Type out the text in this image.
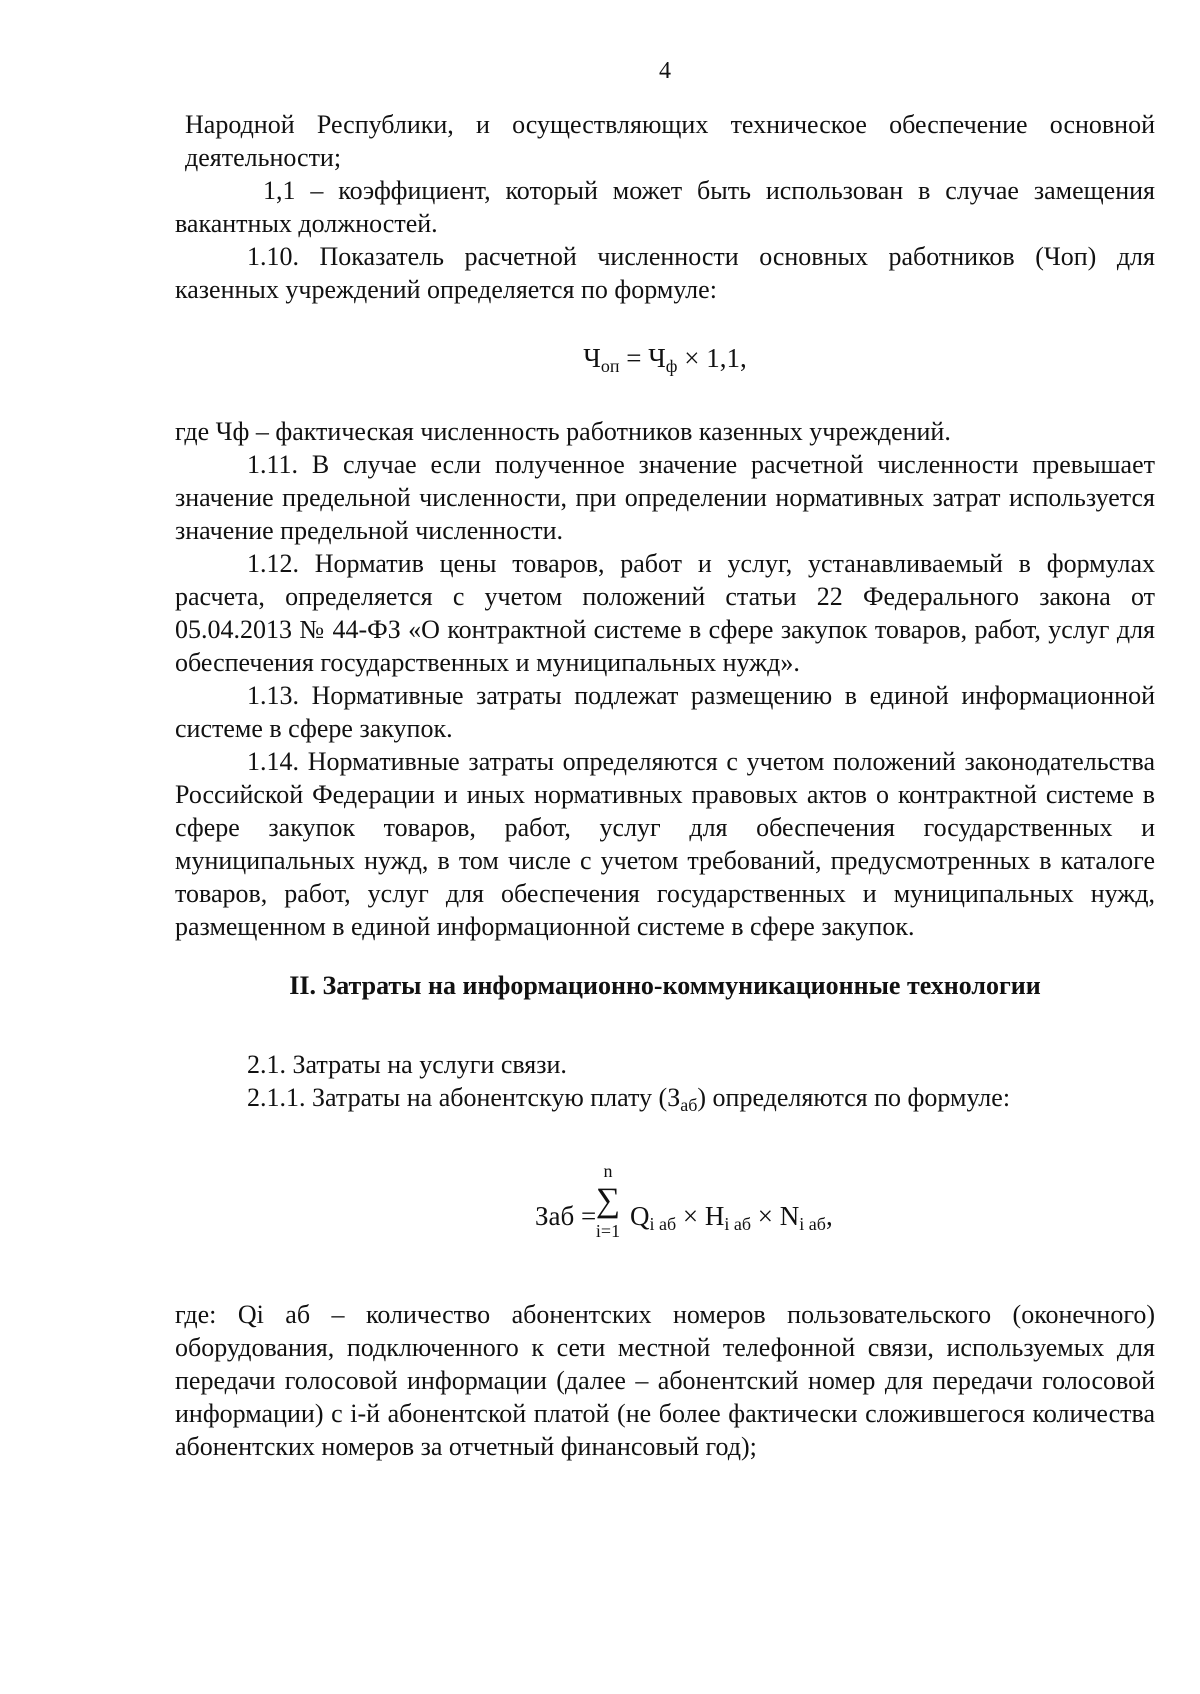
4

Народной Республики, и осуществляющих техническое обеспечение основной деятельности;

1,1 – коэффициент, который может быть использован в случае замещения вакантных должностей.

1.10. Показатель расчетной численности основных работников (Чоп) для казенных учреждений определяется по формуле:

$Ч_{оп} = Ч_ф \times 1,1$,

где Чф – фактическая численность работников казенных учреждений.

1.11. В случае если полученное значение расчетной численности превышает значение предельной численности, при определении нормативных затрат используется значение предельной численности.

1.12. Норматив цены товаров, работ и услуг, устанавливаемый в формулах расчета, определяется с учетом положений статьи 22 Федерального закона от 05.04.2013 № 44-ФЗ «О контрактной системе в сфере закупок товаров, работ, услуг для обеспечения государственных и муниципальных нужд».

1.13. Нормативные затраты подлежат размещению в единой информационной системе в сфере закупок.

1.14. Нормативные затраты определяются с учетом положений законодательства Российской Федерации и иных нормативных правовых актов о контрактной системе в сфере закупок товаров, работ, услуг для обеспечения государственных и муниципальных нужд, в том числе с учетом требований, предусмотренных в каталоге товаров, работ, услуг для обеспечения государственных и муниципальных нужд, размещенном в единой информационной системе в сфере закупок.

II. Затраты на информационно-коммуникационные технологии

2.1. Затраты на услуги связи.

2.1.1. Затраты на абонентскую плату $(З_{аб})$ определяются по формуле:

Заб =
n
∑
i=1 $Q_{i аб} \times H_{i аб} \times N_{i аб}$,

где: Qi аб – количество абонентских номеров пользовательского (оконечного) оборудования, подключенного к сети местной телефонной связи, используемых для передачи голосовой информации (далее – абонентский номер для передачи голосовой информации) с i-й абонентской платой (не более фактически сложившегося количества абонентских номеров за отчетный финансовый год);
